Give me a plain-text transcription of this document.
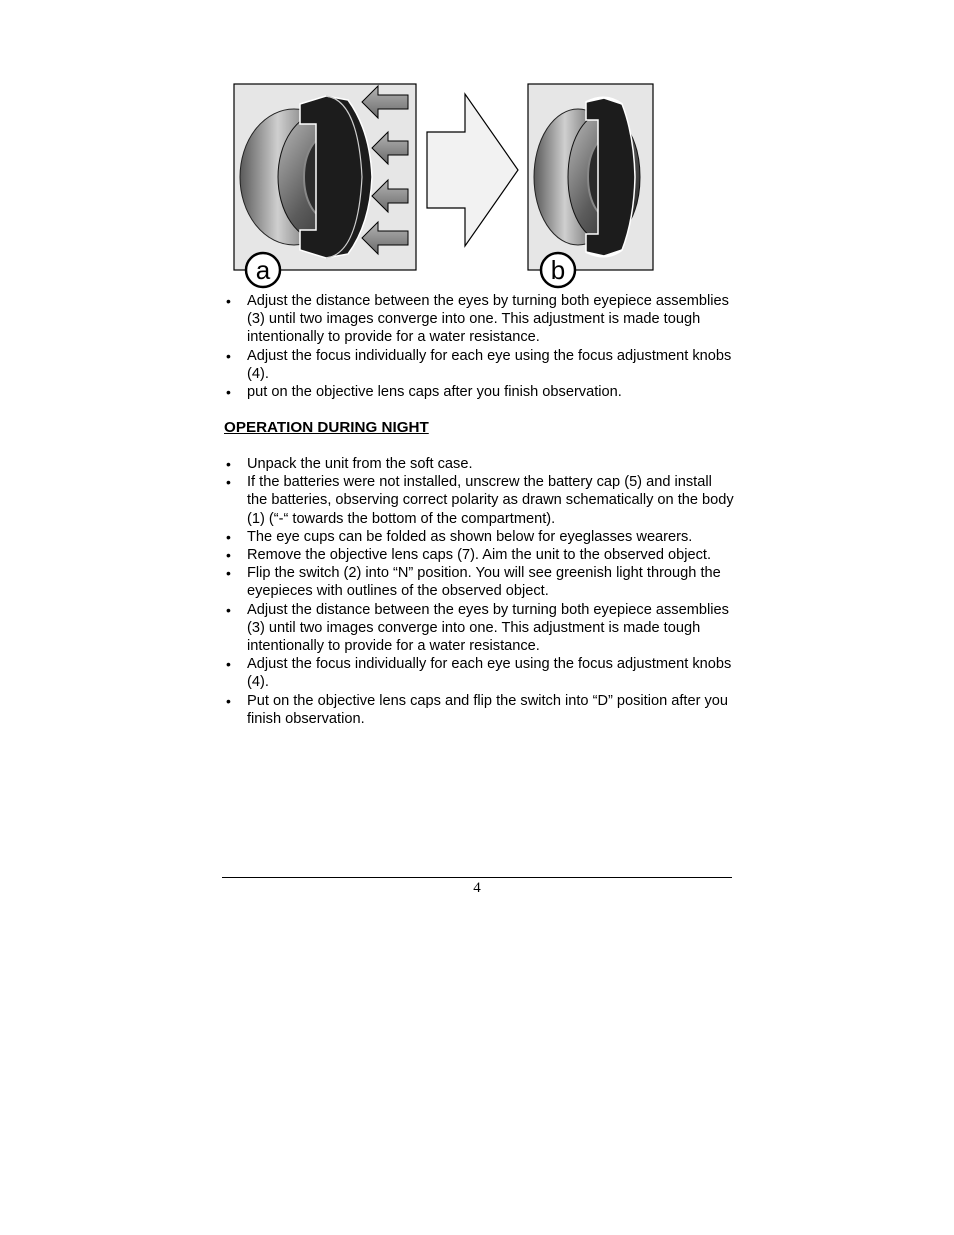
a	b
• Adjust the distance between the eyes by turning both eyepiece assemblies (3) until two images converge into one. This adjustment is made tough intentionally to provide for a water resistance.
• Adjust the focus individually for each eye using the focus adjustment knobs (4).
• put on the objective lens caps after you finish observation.
OPERATION DURING NIGHT
• Unpack the unit from the soft case.
• If the batteries were not installed, unscrew the battery cap (5) and install the batteries, observing correct polarity as drawn schematically on the body (1) (“-“ towards the bottom of the compartment).
• The eye cups can be folded as shown below for eyeglasses wearers.
• Remove the objective lens caps (7). Aim the unit to the observed object.
• Flip the switch (2) into “N” position. You will see greenish light through the eyepieces with outlines of the observed object.
• Adjust the distance between the eyes by turning both eyepiece assemblies (3) until two images converge into one. This adjustment is made tough intentionally to provide for a water resistance.
• Adjust the focus individually for each eye using the focus adjustment knobs (4).
• Put on the objective lens caps and flip the switch into “D” position after you finish observation.
4
